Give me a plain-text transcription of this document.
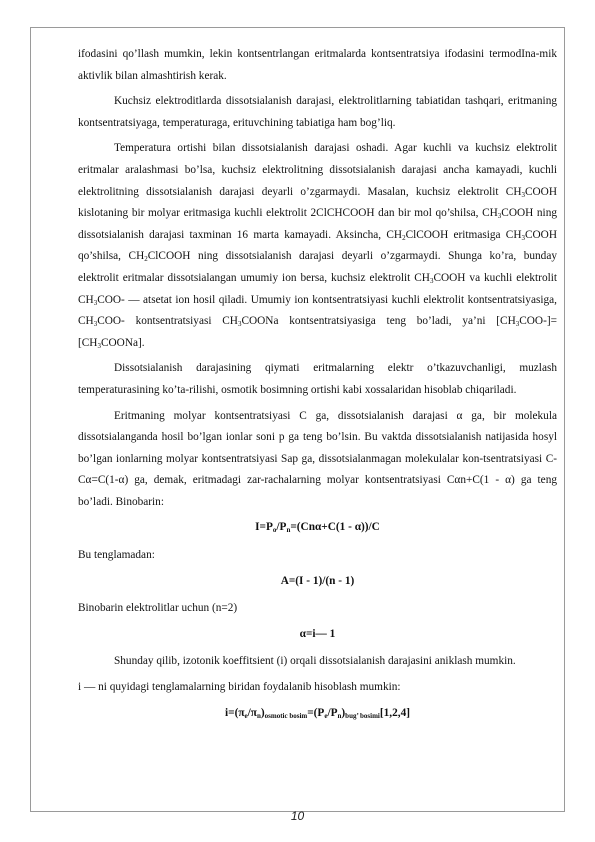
ifodasini qo’llash mumkin, lekin kontsentrlangan eritmalarda kontsentratsiya ifodasini termodIna-mik aktivlik bilan almashtirish kerak.

Kuchsiz elektroditlarda dissotsialanish darajasi, elektrolitlarning tabiatidan tashqari, eritmaning kontsentratsiyaga, temperaturaga, erituvchining tabiatiga ham bog’liq.

Temperatura ortishi bilan dissotsialanish darajasi oshadi. Agar kuchli va kuchsiz elektrolit eritmalar aralashmasi bo’lsa, kuchsiz elektrolitning dissotsialanish darajasi ancha kamayadi, kuchli elektrolitning dissotsialanish darajasi deyarli o’zgarmaydi. Masalan, kuchsiz elektrolit $CH_3COOH$ kislotaning bir molyar eritmasiga kuchli elektrolit 2ClCHCOOH dan bir mol qo’shilsa, $CH_3COOH$ ning dissotsialanish darajasi taxminan 16 marta kamayadi. Aksincha, $CH_2ClCOOH$ eritmasiga $CH_3COOH$ qo’shilsa, $CH_2ClCOOH$ ning dissotsialanish darajasi deyarli o’zgarmaydi. Shunga ko’ra, bunday elektrolit eritmalar dissotsialangan umumiy ion bersa, kuchsiz elektrolit $CH_3COOH$ va kuchli elektrolit $CH_3COO-$ — atsetat ion hosil qiladi. Umumiy ion kontsentratsiyasi kuchli elektrolit kontsentratsiyasiga, $CH_3COO-$ kontsentratsiyasi $CH_3COONa$ kontsentratsiyasiga teng bo’ladi, ya’ni $[CH_3COO-]=[CH_3COONa]$.

Dissotsialanish darajasining qiymati eritmalarning elektr o’tkazuvchanligi, muzlash temperaturasining ko’ta-rilishi, osmotik bosimning ortishi kabi xossalaridan hisoblab chiqariladi.

Eritmaning molyar kontsentratsiyasi C ga, dissotsialanish darajasi α ga, bir molekula dissotsialanganda hosil bo’lgan ionlar soni p ga teng bo’lsin. Bu vaktda dissotsialanish natijasida hosyl bo’lgan ionlarning molyar kontsentratsiyasi Sap ga, dissotsialanmagan molekulalar kon-tsentratsiyasi C-Cα=C(1-α) ga, demak, eritmadagi zar-rachalarning molyar kontsentratsiyasi Cαn+C(1 - α) ga teng bo’ladi. Binobarin:

$I=P_o/P_n=(Cn\alpha+C(1 - \alpha))/C$

Bu tenglamadan:

A=(I - 1)/(n - 1)

Binobarin elektrolitlar uchun (n=2)

α=i— 1

Shunday qilib, izotonik koeffitsient (i) orqali dissotsialanish darajasini aniklash mumkin.

i — ni quyidagi tenglamalarning biridan foydalanib hisoblash mumkin:

$i=(\pi_e/\pi_n)_{osmotic bosim}=(P_e/P_n)_{bug’ bosimi}[1,2,4]$
10
